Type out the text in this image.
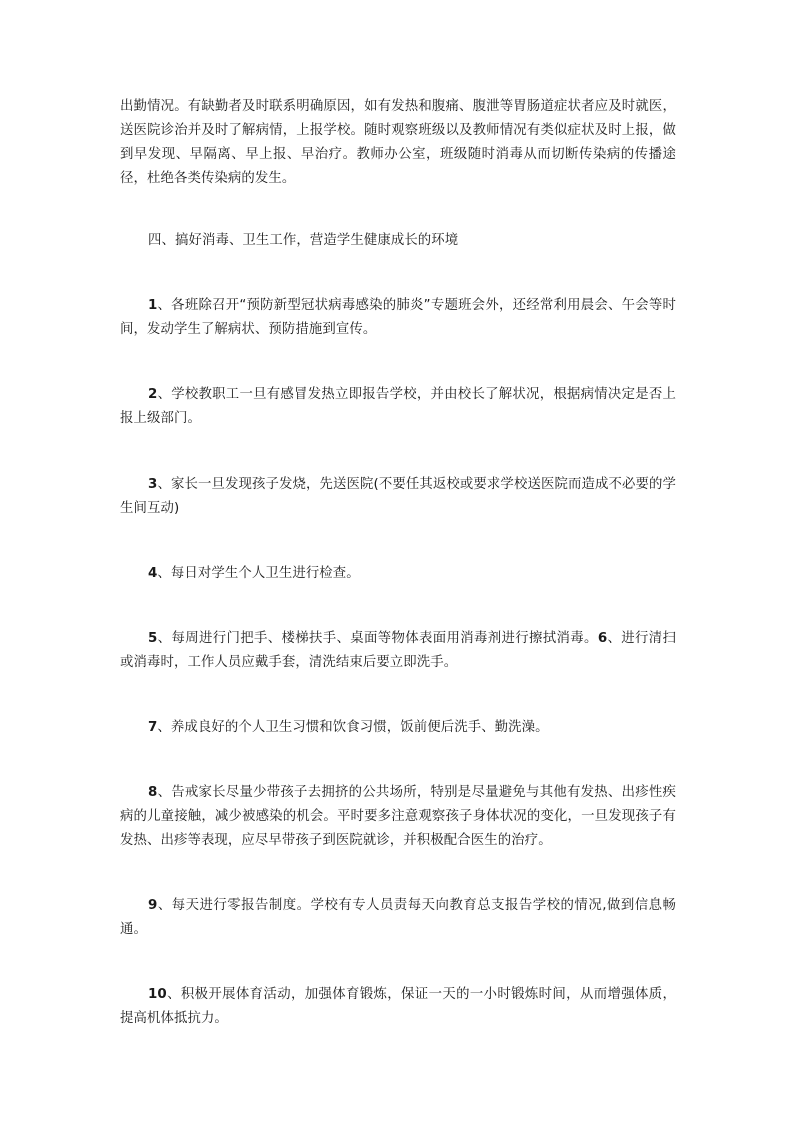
出勤情况。有缺勤者及时联系明确原因，如有发热和腹痛、腹泄等胃肠道症状者应及时就医，送医院诊治并及时了解病情，上报学校。随时观察班级以及教师情况有类似症状及时上报，做到早发现、早隔离、早上报、早治疗。教师办公室，班级随时消毒从而切断传染病的传播途径，杜绝各类传染病的发生。

四、搞好消毒、卫生工作，营造学生健康成长的环境

1、各班除召开“预防新型冠状病毒感染的肺炎”专题班会外，还经常利用晨会、午会等时间，发动学生了解病状、预防措施到宣传。

2、学校教职工一旦有感冒发热立即报告学校，并由校长了解状况，根据病情决定是否上报上级部门。

3、家长一旦发现孩子发烧，先送医院(不要任其返校或要求学校送医院而造成不必要的学生间互动)

4、每日对学生个人卫生进行检查。

5、每周进行门把手、楼梯扶手、桌面等物体表面用消毒剂进行擦拭消毒。6、进行清扫或消毒时，工作人员应戴手套，清洗结束后要立即洗手。

7、养成良好的个人卫生习惯和饮食习惯，饭前便后洗手、勤洗澡。

8、告戒家长尽量少带孩子去拥挤的公共场所，特别是尽量避免与其他有发热、出疹性疾病的儿童接触，减少被感染的机会。平时要多注意观察孩子身体状况的变化，一旦发现孩子有发热、出疹等表现，应尽早带孩子到医院就诊，并积极配合医生的治疗。

9、每天进行零报告制度。学校有专人员责每天向教育总支报告学校的情况,做到信息畅通。

10、积极开展体育活动，加强体育锻炼，保证一天的一小时锻炼时间，从而增强体质，提高机体抵抗力。
